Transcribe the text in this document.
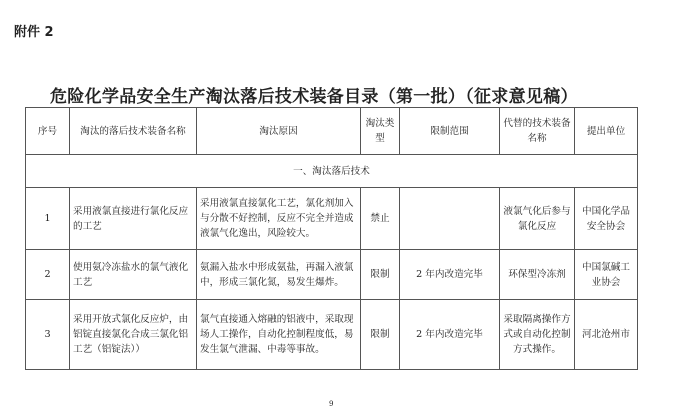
附件 2
危险化学品安全生产淘汰落后技术装备目录（第一批）（征求意见稿）
序号	淘汰的落后技术装备名称	淘汰原因	淘汰类型	限制范围	代替的技术装备名称	提出单位
一、淘汰落后技术						
1	采用液氯直接进行氯化反应的工艺	采用液氯直接氯化工艺，氯化剂加入与分散不好控制，反应不完全并造成液氯气化逸出，风险较大。	禁止		液氯气化后参与氯化反应	中国化学品安全协会
2	使用氨冷冻盐水的氯气液化工艺	氨漏入盐水中形成氨盐，再漏入液氯中，形成三氯化氮，易发生爆炸。	限制	2 年内改造完毕	环保型冷冻剂	中国氯碱工业协会
3	采用开放式氯化反应炉，由铝锭直接氯化合成三氯化铝工艺（铝锭法））	氯气直接通入熔融的铝液中，采取现场人工操作，自动化控制程度低，易发生氯气泄漏、中毒等事故。	限制	2 年内改造完毕	采取隔离操作方式或自动化控制方式操作。	河北沧州市
9
